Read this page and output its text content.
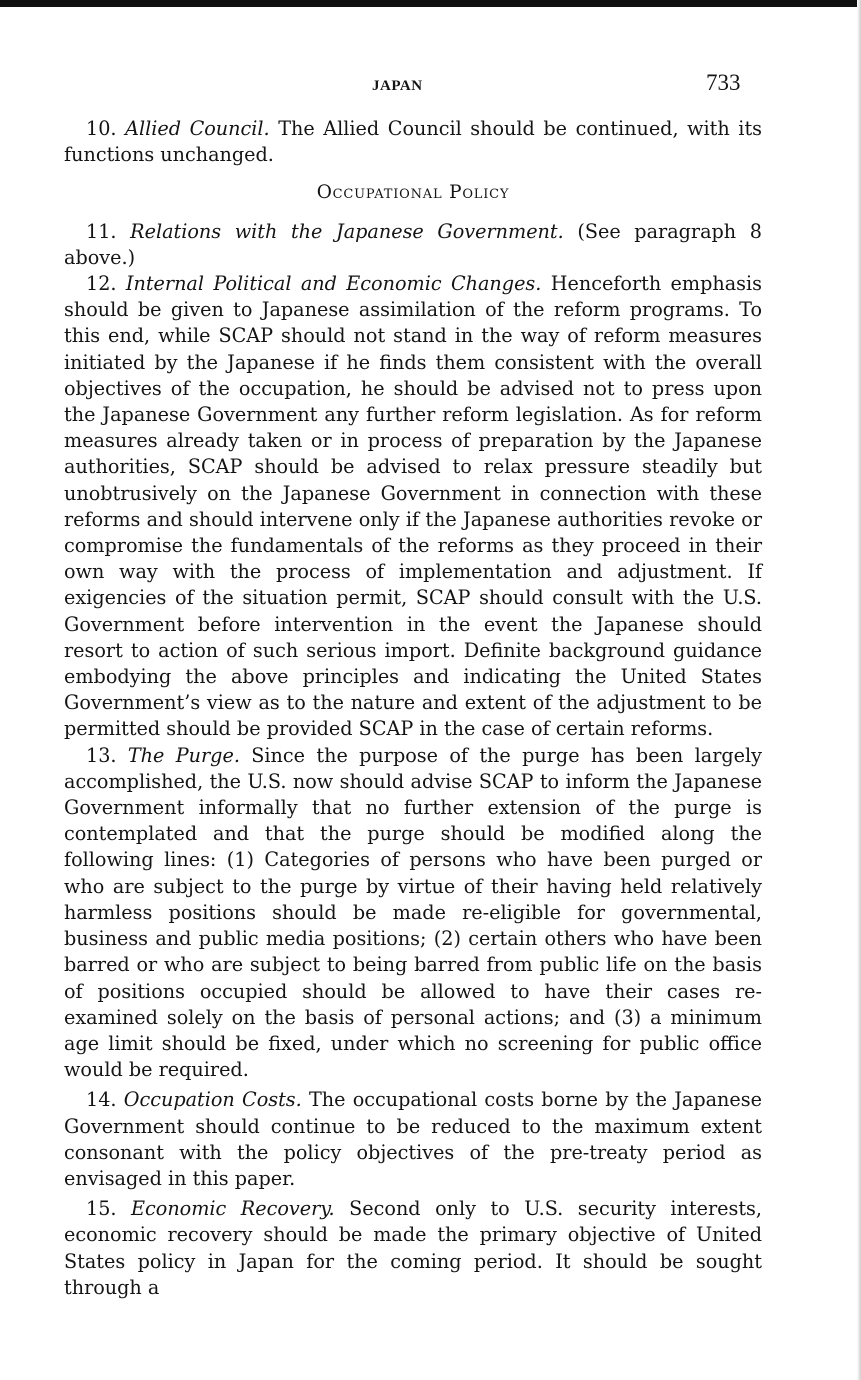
JAPAN	733

10. Allied Council. The Allied Council should be continued, with its functions unchanged.

Occupational Policy

11. Relations with the Japanese Government. (See paragraph 8 above.)

12. Internal Political and Economic Changes. Henceforth emphasis should be given to Japanese assimilation of the reform programs. To this end, while SCAP should not stand in the way of reform measures initiated by the Japanese if he finds them consistent with the overall objectives of the occupation, he should be advised not to press upon the Japanese Government any further reform legislation. As for reform measures already taken or in process of preparation by the Japanese authorities, SCAP should be advised to relax pressure steadily but unobtrusively on the Japanese Government in connection with these reforms and should intervene only if the Japanese authorities revoke or compromise the fundamentals of the reforms as they proceed in their own way with the process of implementation and adjustment. If exigencies of the situation permit, SCAP should consult with the U.S. Government before intervention in the event the Japanese should resort to action of such serious import. Definite background guidance embodying the above principles and indicating the United States Government’s view as to the nature and extent of the adjustment to be permitted should be provided SCAP in the case of certain reforms.

13. The Purge. Since the purpose of the purge has been largely accomplished, the U.S. now should advise SCAP to inform the Japanese Government informally that no further extension of the purge is contemplated and that the purge should be modified along the following lines: (1) Categories of persons who have been purged or who are subject to the purge by virtue of their having held relatively harmless positions should be made re-eligible for governmental, business and public media positions; (2) certain others who have been barred or who are subject to being barred from public life on the basis of positions occupied should be allowed to have their cases re-examined solely on the basis of personal actions; and (3) a minimum age limit should be fixed, under which no screening for public office would be required.

14. Occupation Costs. The occupational costs borne by the Japanese Government should continue to be reduced to the maximum extent consonant with the policy objectives of the pre-treaty period as envisaged in this paper.

15. Economic Recovery. Second only to U.S. security interests, economic recovery should be made the primary objective of United States policy in Japan for the coming period. It should be sought through a
